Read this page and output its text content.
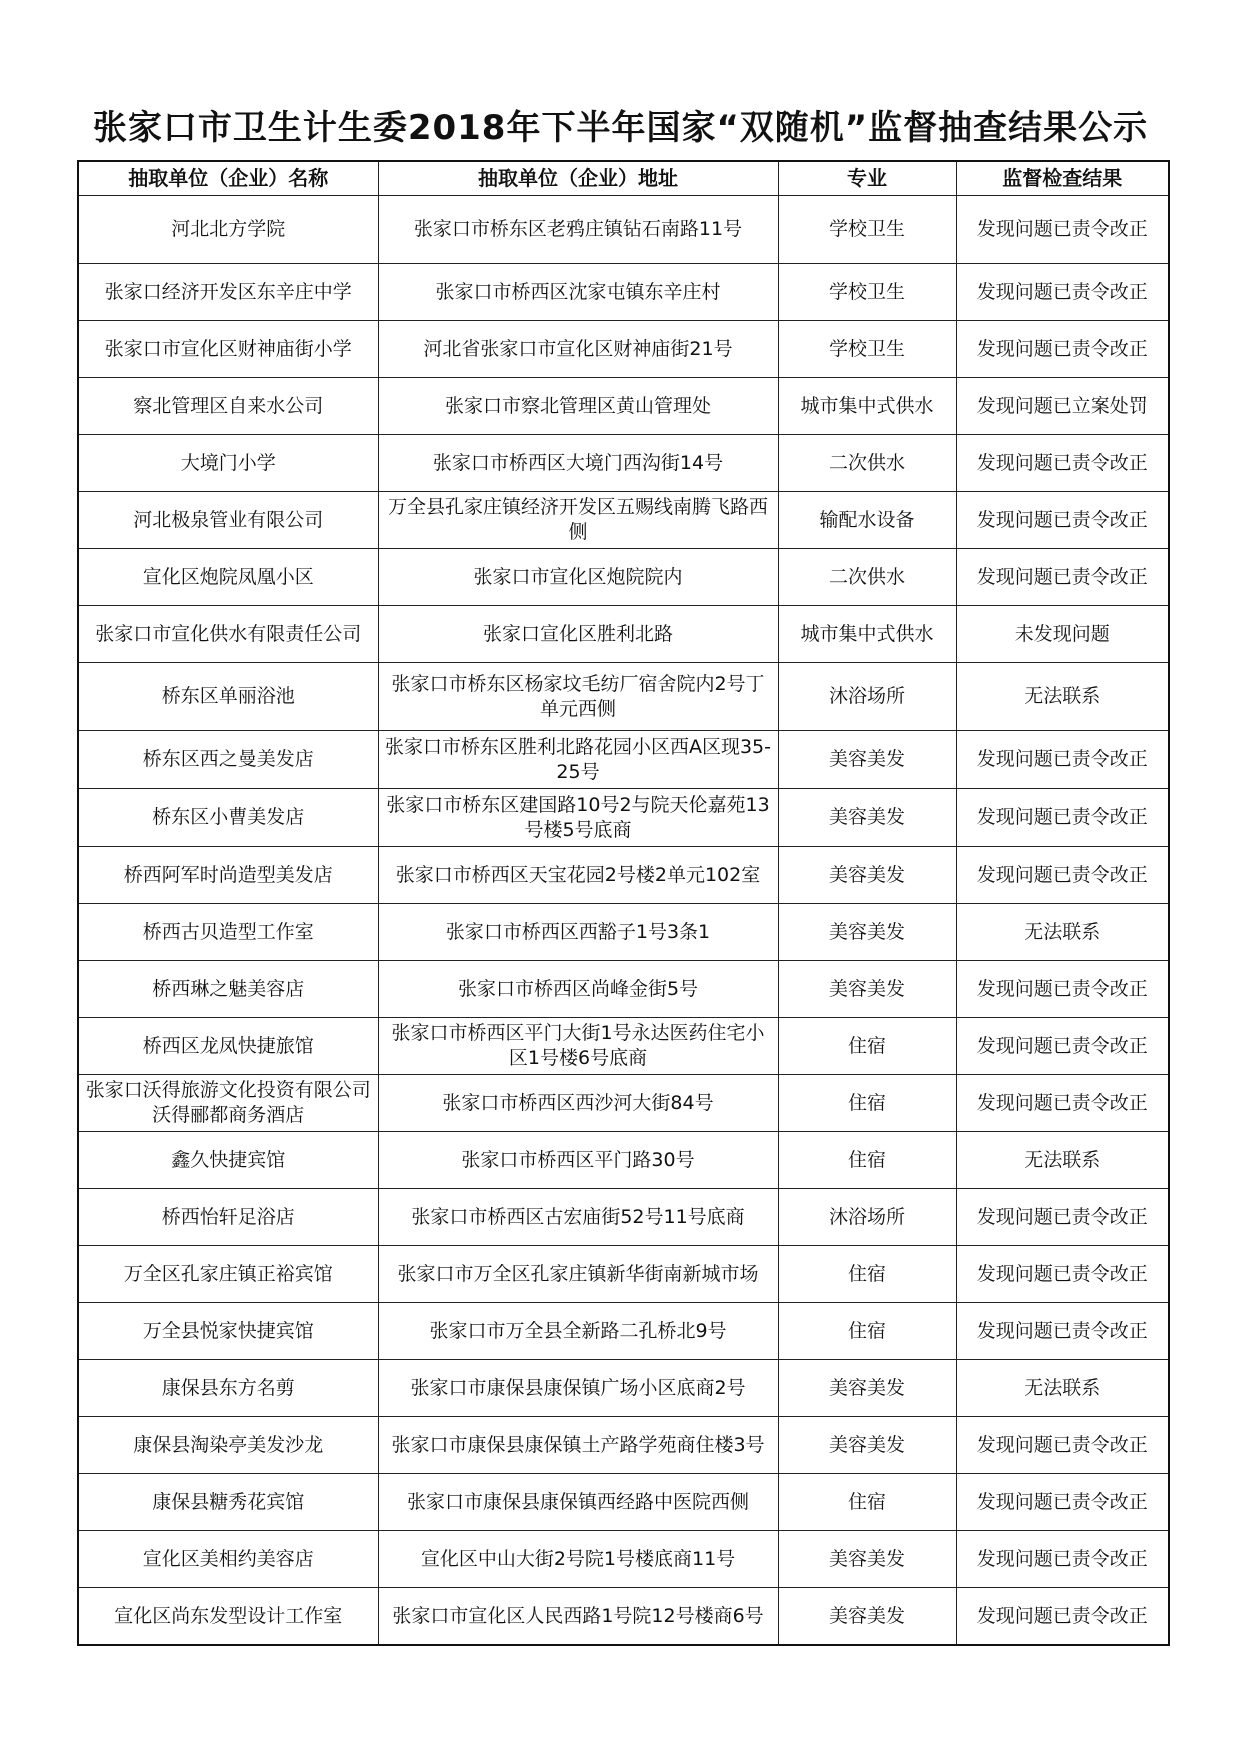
张家口市卫生计生委2018年下半年国家“双随机”监督抽查结果公示
抽取单位（企业）名称	抽取单位（企业）地址	专业	监督检查结果
河北北方学院	张家口市桥东区老鸦庄镇钻石南路11号	学校卫生	发现问题已责令改正
张家口经济开发区东辛庄中学	张家口市桥西区沈家屯镇东辛庄村	学校卫生	发现问题已责令改正
张家口市宣化区财神庙街小学	河北省张家口市宣化区财神庙街21号	学校卫生	发现问题已责令改正
察北管理区自来水公司	张家口市察北管理区黄山管理处	城市集中式供水	发现问题已立案处罚
大境门小学	张家口市桥西区大境门西沟街14号	二次供水	发现问题已责令改正
河北极泉管业有限公司	万全县孔家庄镇经济开发区五赐线南腾飞路西侧	输配水设备	发现问题已责令改正
宣化区炮院凤凰小区	张家口市宣化区炮院院内	二次供水	发现问题已责令改正
张家口市宣化供水有限责任公司	张家口宣化区胜利北路	城市集中式供水	未发现问题
桥东区单丽浴池	张家口市桥东区杨家坟毛纺厂宿舍院内2号丁单元西侧	沐浴场所	无法联系
桥东区西之曼美发店	张家口市桥东区胜利北路花园小区西A区现35-25号	美容美发	发现问题已责令改正
桥东区小曹美发店	张家口市桥东区建国路10号2与院天伦嘉苑13号楼5号底商	美容美发	发现问题已责令改正
桥西阿军时尚造型美发店	张家口市桥西区天宝花园2号楼2单元102室	美容美发	发现问题已责令改正
桥西古贝造型工作室	张家口市桥西区西豁子1号3条1	美容美发	无法联系
桥西琳之魅美容店	张家口市桥西区尚峰金街5号	美容美发	发现问题已责令改正
桥西区龙凤快捷旅馆	张家口市桥西区平门大街1号永达医药住宅小区1号楼6号底商	住宿	发现问题已责令改正
张家口沃得旅游文化投资有限公司沃得郦都商务酒店	张家口市桥西区西沙河大街84号	住宿	发现问题已责令改正
鑫久快捷宾馆	张家口市桥西区平门路30号	住宿	无法联系
桥西怡轩足浴店	张家口市桥西区古宏庙街52号11号底商	沐浴场所	发现问题已责令改正
万全区孔家庄镇正裕宾馆	张家口市万全区孔家庄镇新华街南新城市场	住宿	发现问题已责令改正
万全县悦家快捷宾馆	张家口市万全县全新路二孔桥北9号	住宿	发现问题已责令改正
康保县东方名剪	张家口市康保县康保镇广场小区底商2号	美容美发	无法联系
康保县淘染亭美发沙龙	张家口市康保县康保镇土产路学苑商住楼3号	美容美发	发现问题已责令改正
康保县糖秀花宾馆	张家口市康保县康保镇西经路中医院西侧	住宿	发现问题已责令改正
宣化区美相约美容店	宣化区中山大街2号院1号楼底商11号	美容美发	发现问题已责令改正
宣化区尚东发型设计工作室	张家口市宣化区人民西路1号院12号楼商6号	美容美发	发现问题已责令改正
